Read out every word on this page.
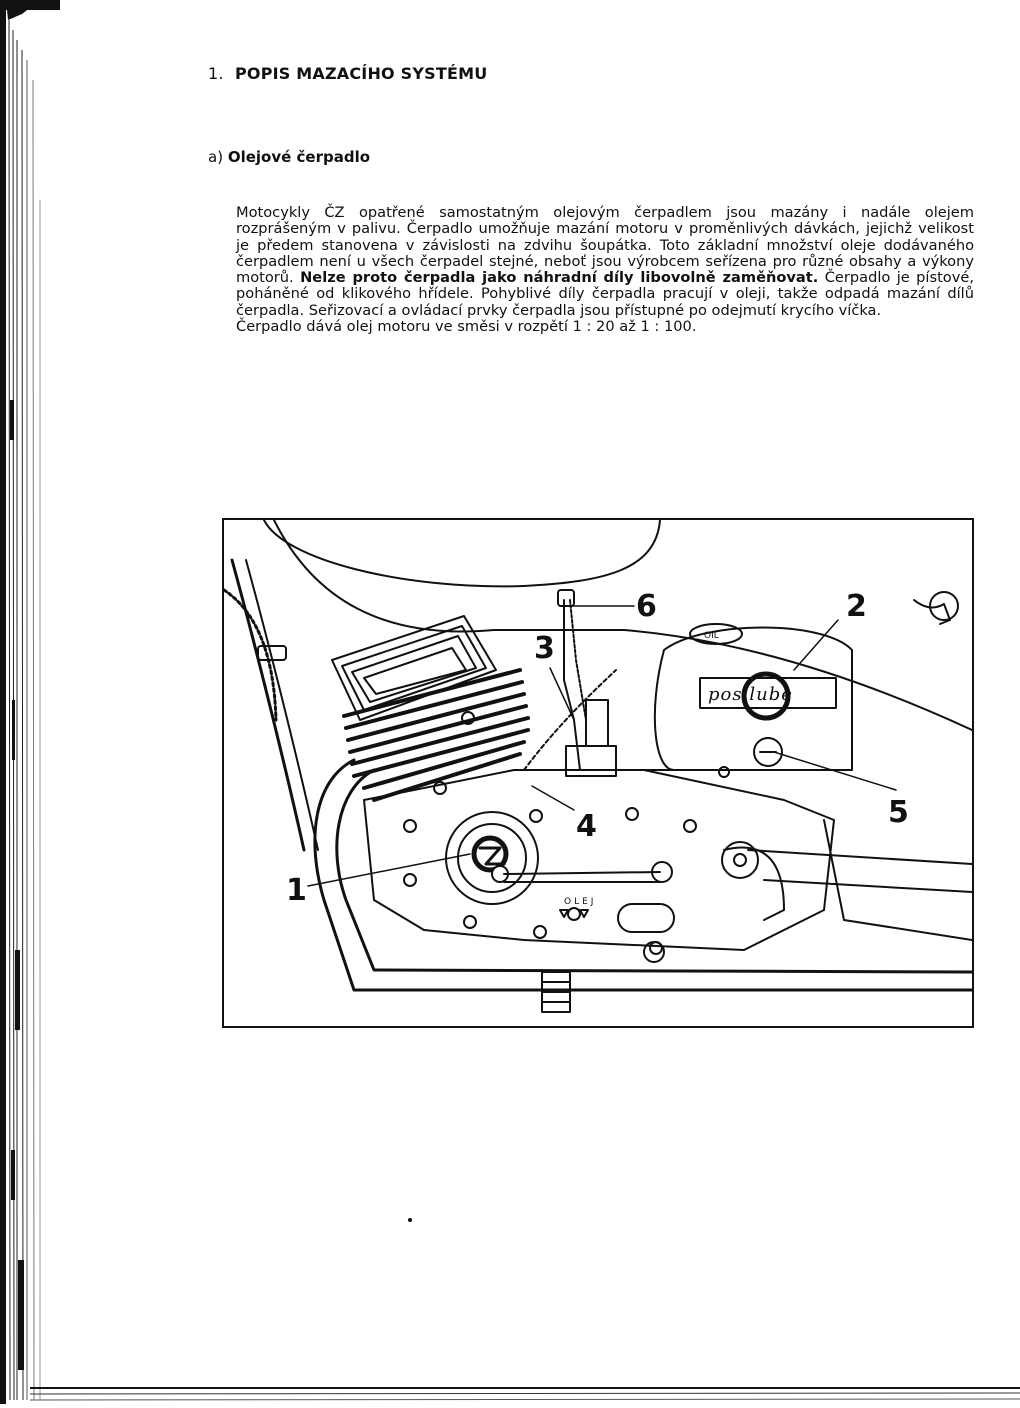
1. POPIS MAZACÍHO SYSTÉMU
a) Olejové čerpadlo

Motocykly ČZ opatřené samostatným olejovým čerpadlem jsou mazány i nadále olejem rozprášeným v palivu. Čerpadlo umožňuje mazání motoru v proměnlivých dávkách, jejichž velikost je předem stanovena v závislosti na zdvihu šoupátka. Toto základní množství oleje dodávaného čerpadlem není u všech čerpadel stejné, neboť jsou výrobcem seřízena pro různé obsahy a výkony motorů. Nelze proto čerpadla jako náhradní díly libovolně zaměňovat. Čerpadlo je pístové, poháněné od klikového hřídele. Pohyblivé díly čerpadla pracují v oleji, takže odpadá mazání dílů čerpadla. Seřizovací a ovládací prvky čerpadla jsou přístupné po odejmutí krycího víčka.

Čerpadlo dává olej motoru ve směsi v rozpětí 1 : 20 až 1 : 100.

OLEJ
OIL
posilube
1
2
3
4	5
6
